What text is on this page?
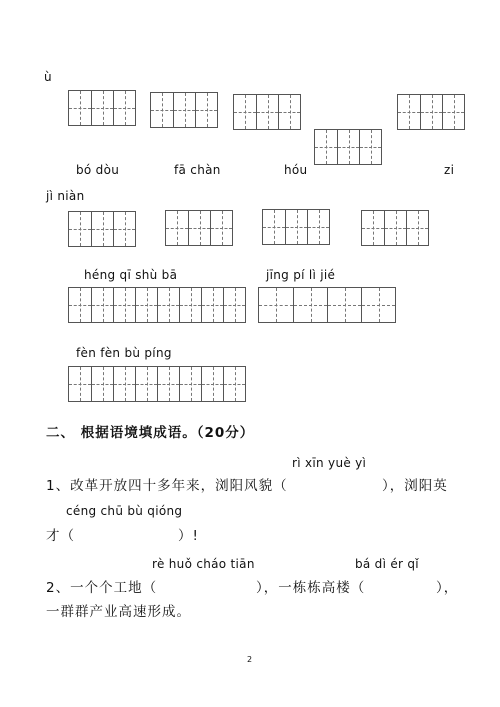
ù
bó dòu	fā chàn	hóu	zi
jì niàn
héng qī shù bā	jīng pí lì jié
fèn fèn bù píng
二、 根据语境填成语。（20分）
rì xīn yuè yì
1、改革开放四十多年来，浏阳风貌（	），浏阳英
céng chū bù qióng
才（	）!
rè huǒ cháo tiān	bá dì ér qǐ
2、一个个工地（	），一栋栋高楼（	），
一群群产业高速形成。
2
